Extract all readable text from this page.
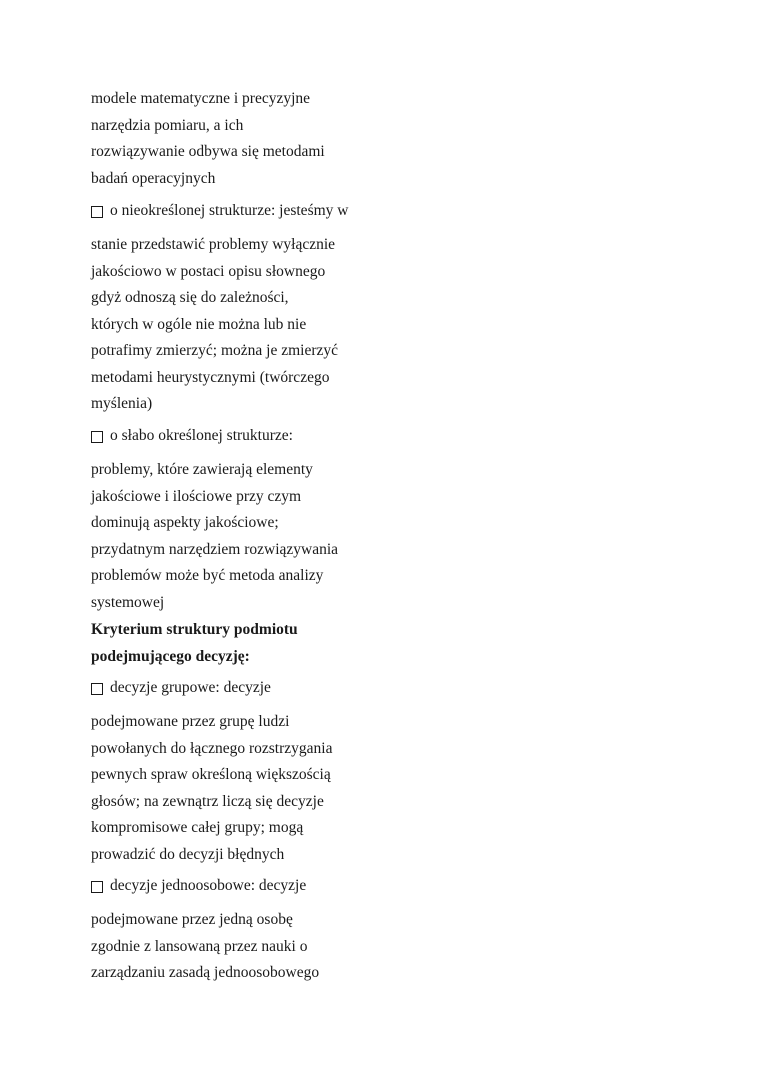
modele matematyczne i precyzyjne
narzędzia pomiaru, a ich
rozwiązywanie odbywa się metodami
badań operacyjnych
o nieokreślonej strukturze: jesteśmy w
stanie przedstawić problemy wyłącznie
jakościowo w postaci opisu słownego
gdyż odnoszą się do zależności,
których w ogóle nie można lub nie
potrafimy zmierzyć; można je zmierzyć
metodami heurystycznymi (twórczego
myślenia)
o słabo określonej strukturze:
problemy, które zawierają elementy
jakościowe i ilościowe przy czym
dominują aspekty jakościowe;
przydatnym narzędziem rozwiązywania
problemów może być metoda analizy
systemowej
Kryterium struktury podmiotu
podejmującego decyzję:
decyzje grupowe: decyzje
podejmowane przez grupę ludzi
powołanych do łącznego rozstrzygania
pewnych spraw określoną większością
głosów; na zewnątrz liczą się decyzje
kompromisowe całej grupy; mogą
prowadzić do decyzji błędnych
decyzje jednoosobowe: decyzje
podejmowane przez jedną osobę
zgodnie z lansowaną przez nauki o
zarządzaniu zasadą jednoosobowego
